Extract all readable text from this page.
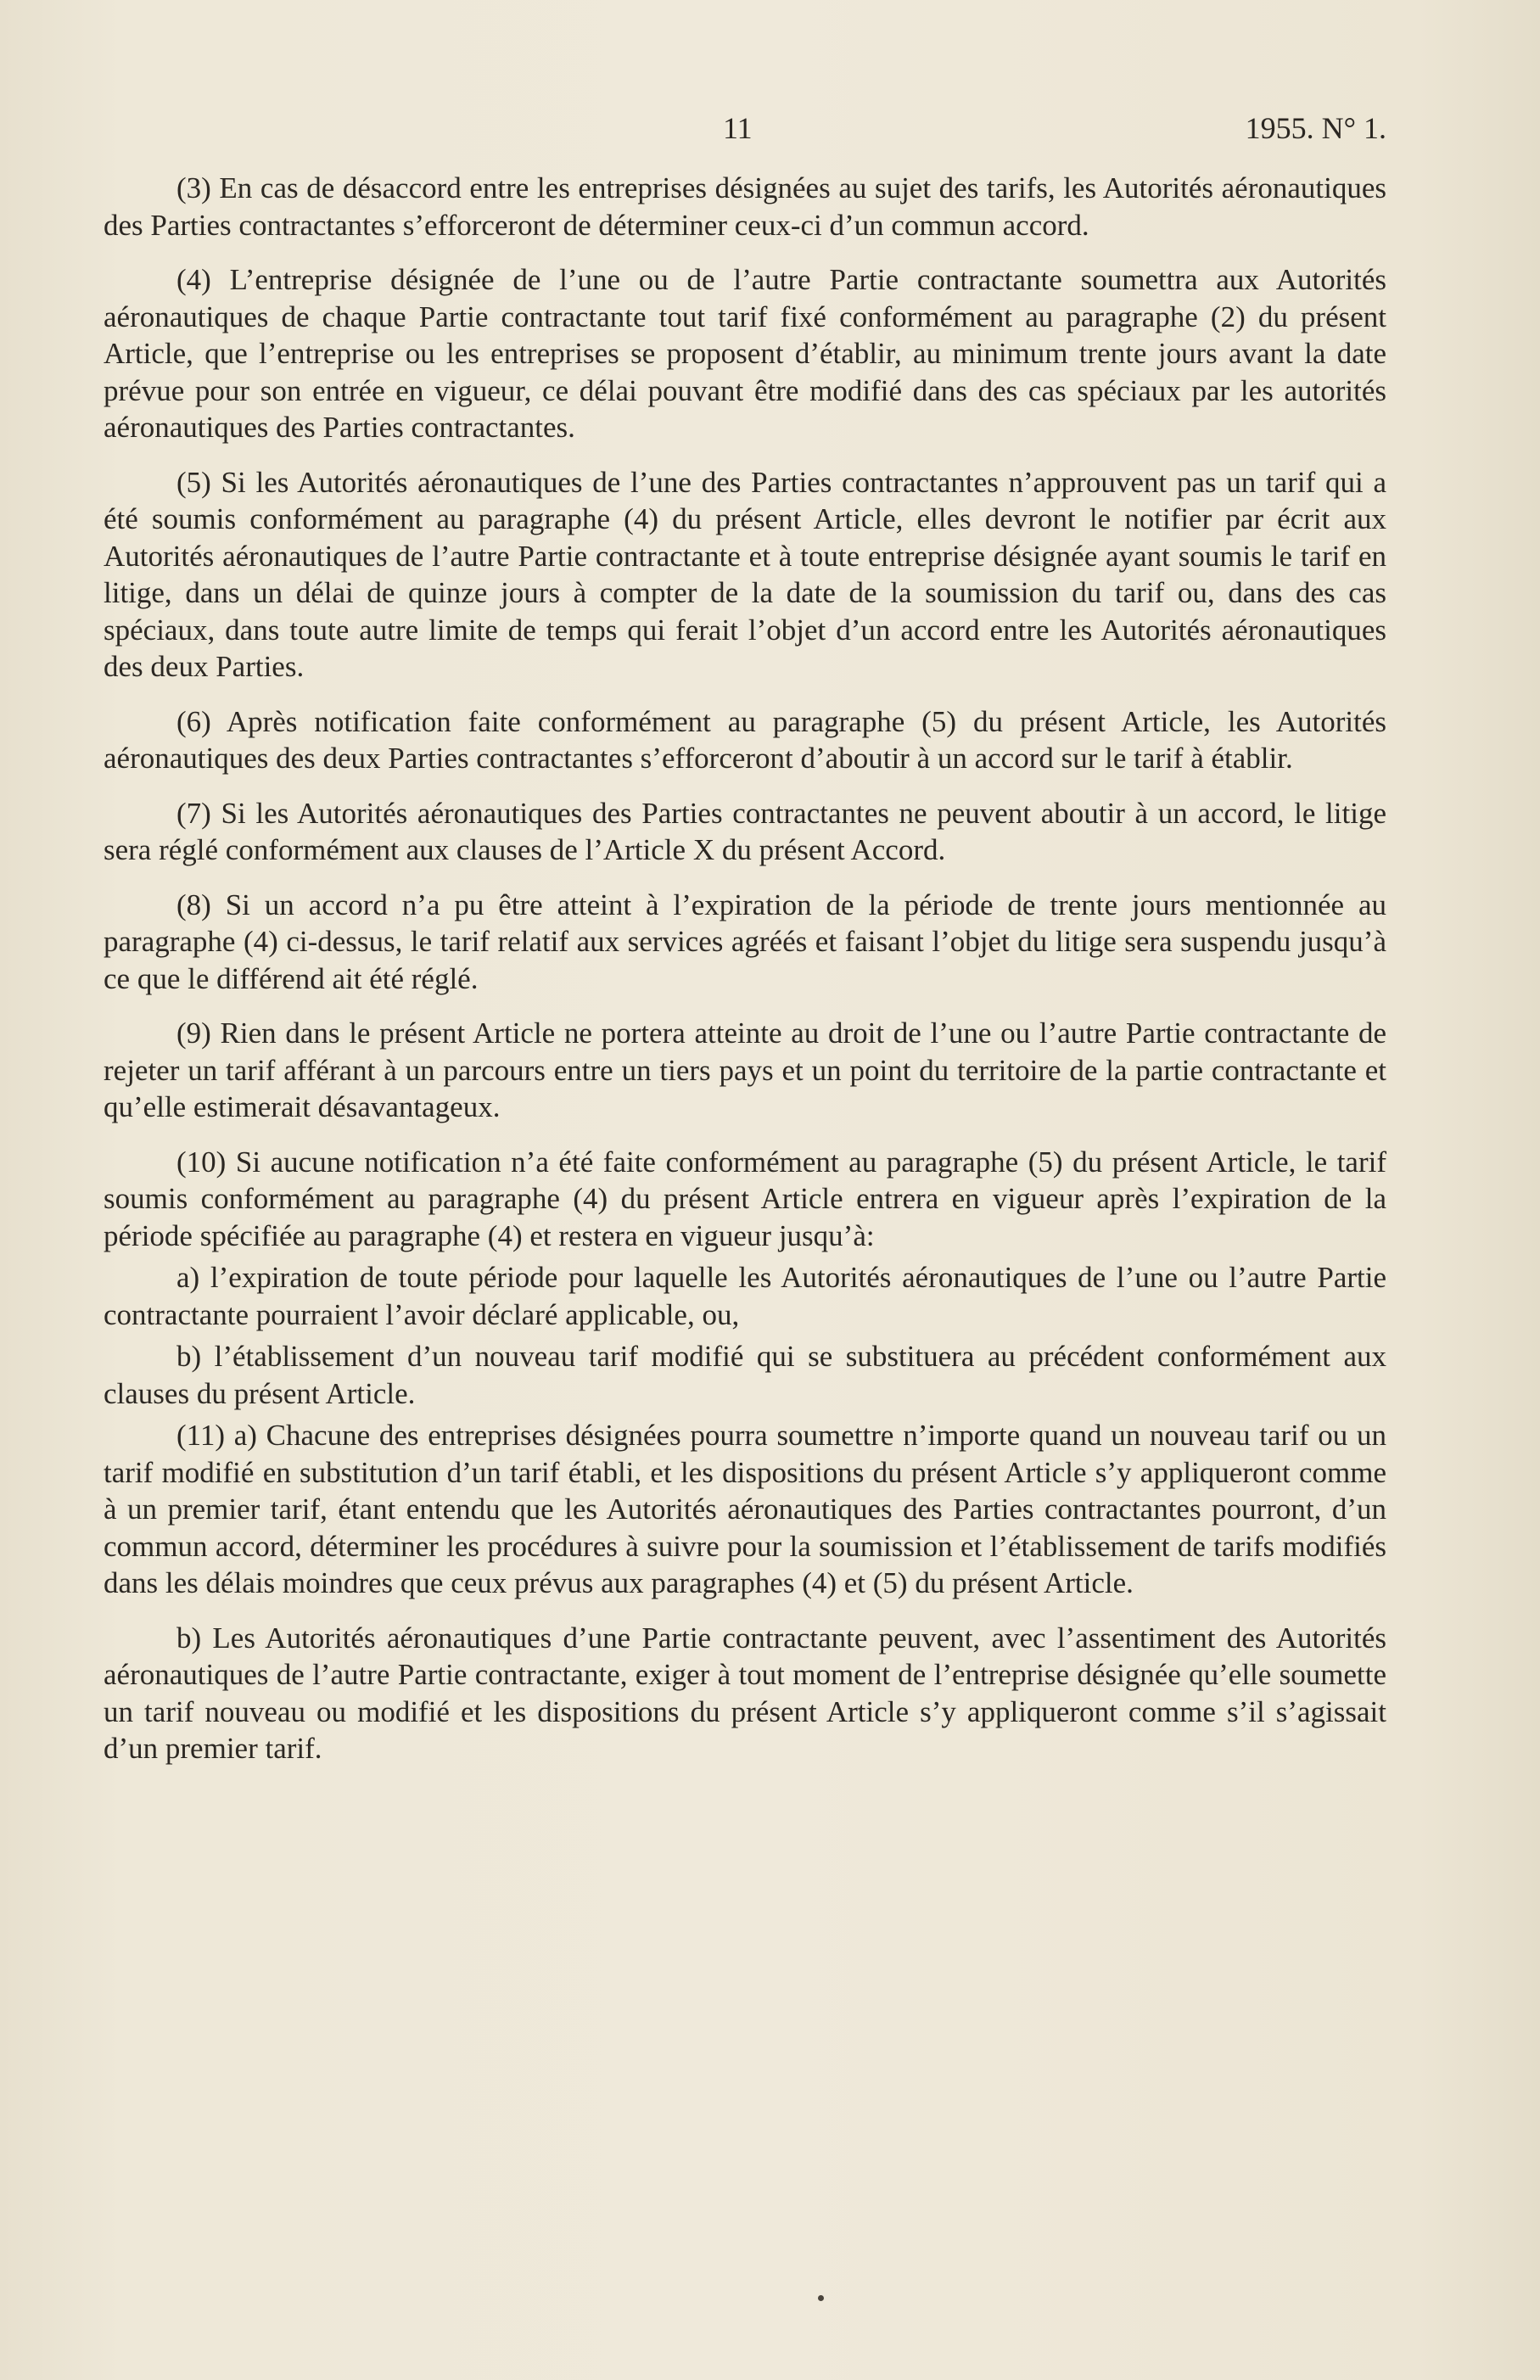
11	1955. N° 1.

(3) En cas de désaccord entre les entreprises désignées au sujet des tarifs, les Autorités aéronautiques des Parties contractantes s’efforceront de déterminer ceux-ci d’un commun accord.

(4) L’entreprise désignée de l’une ou de l’autre Partie contractante soumettra aux Autorités aéronautiques de chaque Partie contractante tout tarif fixé conformément au paragraphe (2) du présent Article, que l’entreprise ou les entreprises se proposent d’établir, au minimum trente jours avant la date prévue pour son entrée en vigueur, ce délai pouvant être modifié dans des cas spéciaux par les autorités aéronautiques des Parties contractantes.

(5) Si les Autorités aéronautiques de l’une des Parties contractantes n’approuvent pas un tarif qui a été soumis conformément au paragraphe (4) du présent Article, elles devront le notifier par écrit aux Autorités aéronautiques de l’autre Partie contractante et à toute entreprise désignée ayant soumis le tarif en litige, dans un délai de quinze jours à compter de la date de la soumission du tarif ou, dans des cas spéciaux, dans toute autre limite de temps qui ferait l’objet d’un accord entre les Autorités aéronautiques des deux Parties.

(6) Après notification faite conformément au paragraphe (5) du présent Article, les Autorités aéronautiques des deux Parties contractantes s’efforceront d’aboutir à un accord sur le tarif à établir.

(7) Si les Autorités aéronautiques des Parties contractantes ne peuvent aboutir à un accord, le litige sera réglé conformément aux clauses de l’Article X du présent Accord.

(8) Si un accord n’a pu être atteint à l’expiration de la période de trente jours mentionnée au paragraphe (4) ci-dessus, le tarif relatif aux services agréés et faisant l’objet du litige sera suspendu jusqu’à ce que le différend ait été réglé.

(9) Rien dans le présent Article ne portera atteinte au droit de l’une ou l’autre Partie contractante de rejeter un tarif afférant à un parcours entre un tiers pays et un point du territoire de la partie contractante et qu’elle estimerait désavantageux.

(10) Si aucune notification n’a été faite conformément au paragraphe (5) du présent Article, le tarif soumis conformément au paragraphe (4) du présent Article entrera en vigueur après l’expiration de la période spécifiée au paragraphe (4) et restera en vigueur jusqu’à:

a) l’expiration de toute période pour laquelle les Autorités aéronautiques de l’une ou l’autre Partie contractante pourraient l’avoir déclaré applicable, ou,

b) l’établissement d’un nouveau tarif modifié qui se substituera au précédent conformément aux clauses du présent Article.

(11) a) Chacune des entreprises désignées pourra soumettre n’importe quand un nouveau tarif ou un tarif modifié en substitution d’un tarif établi, et les dispositions du présent Article s’y appliqueront comme à un premier tarif, étant entendu que les Autorités aéronautiques des Parties contractantes pourront, d’un commun accord, déterminer les procédures à suivre pour la soumission et l’établissement de tarifs modifiés dans les délais moindres que ceux prévus aux paragraphes (4) et (5) du présent Article.

b) Les Autorités aéronautiques d’une Partie contractante peuvent, avec l’assentiment des Autorités aéronautiques de l’autre Partie contractante, exiger à tout moment de l’entreprise désignée qu’elle soumette un tarif nouveau ou modifié et les dispositions du présent Article s’y appliqueront comme s’il s’agissait d’un premier tarif.
